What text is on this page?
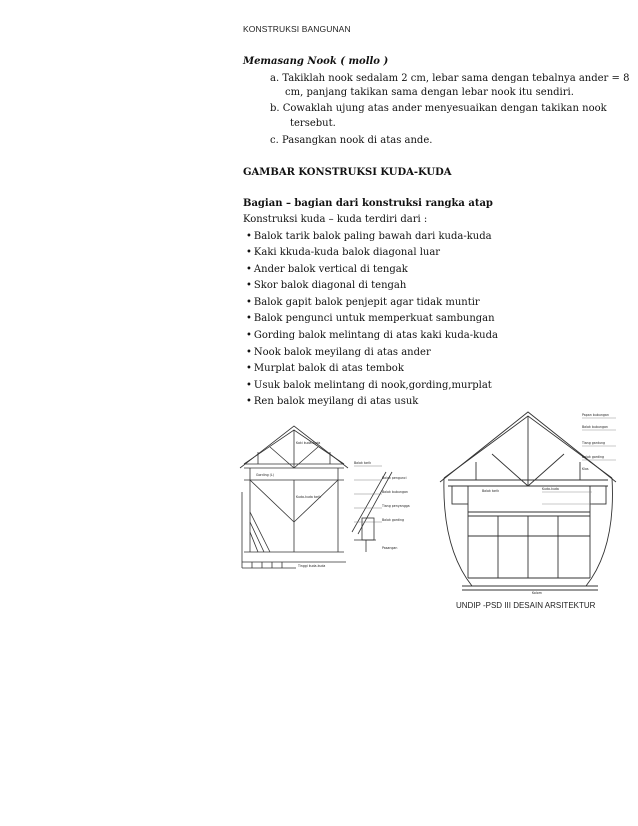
KONSTRUKSI BANGUNAN
Memasang Nook ( mollo )
a. Takiklah nook sedalam 2 cm, lebar sama dengan tebalnya ander = 8
cm, panjang takikan sama dengan lebar nook itu sendiri.
b. Cowaklah ujung atas ander menyesuaikan dengan takikan nook
tersebut.
c. Pasangkan nook di atas ande.
GAMBAR KONSTRUKSI KUDA-KUDA
Bagian – bagian dari konstruksi rangka atap
Konstruksi kuda – kuda terdiri dari :
• Balok tarik balok paling bawah dari kuda-kuda
• Kaki kkuda-kuda balok diagonal luar
• Ander balok vertical di tengak
• Skor balok diagonal di tengah
• Balok gapit balok penjepit agar tidak muntir
• Balok pengunci untuk memperkuat sambungan
• Gording balok melintang di atas kaki kuda-kuda
• Nook balok meyilang di atas ander
• Murplat balok di atas tembok
• Usuk balok melintang di nook,gording,murplat
• Ren balok meyilang di atas usuk
Balok tarik
Balok pengunci
Balok bubungan
Kaki kuda-kuda
Gording (L)
Tiang penyangga
Kuda-kuda tarik
Balok gording
Pasangan
Tinggi kuda-kuda
Papan bubungan
Balok bubungan
Tiang gantung
Balok gording
Klos
Kuda-kuda
Balok tarik
Kolom
UNDIP -PSD III DESAIN ARSITEKTUR
